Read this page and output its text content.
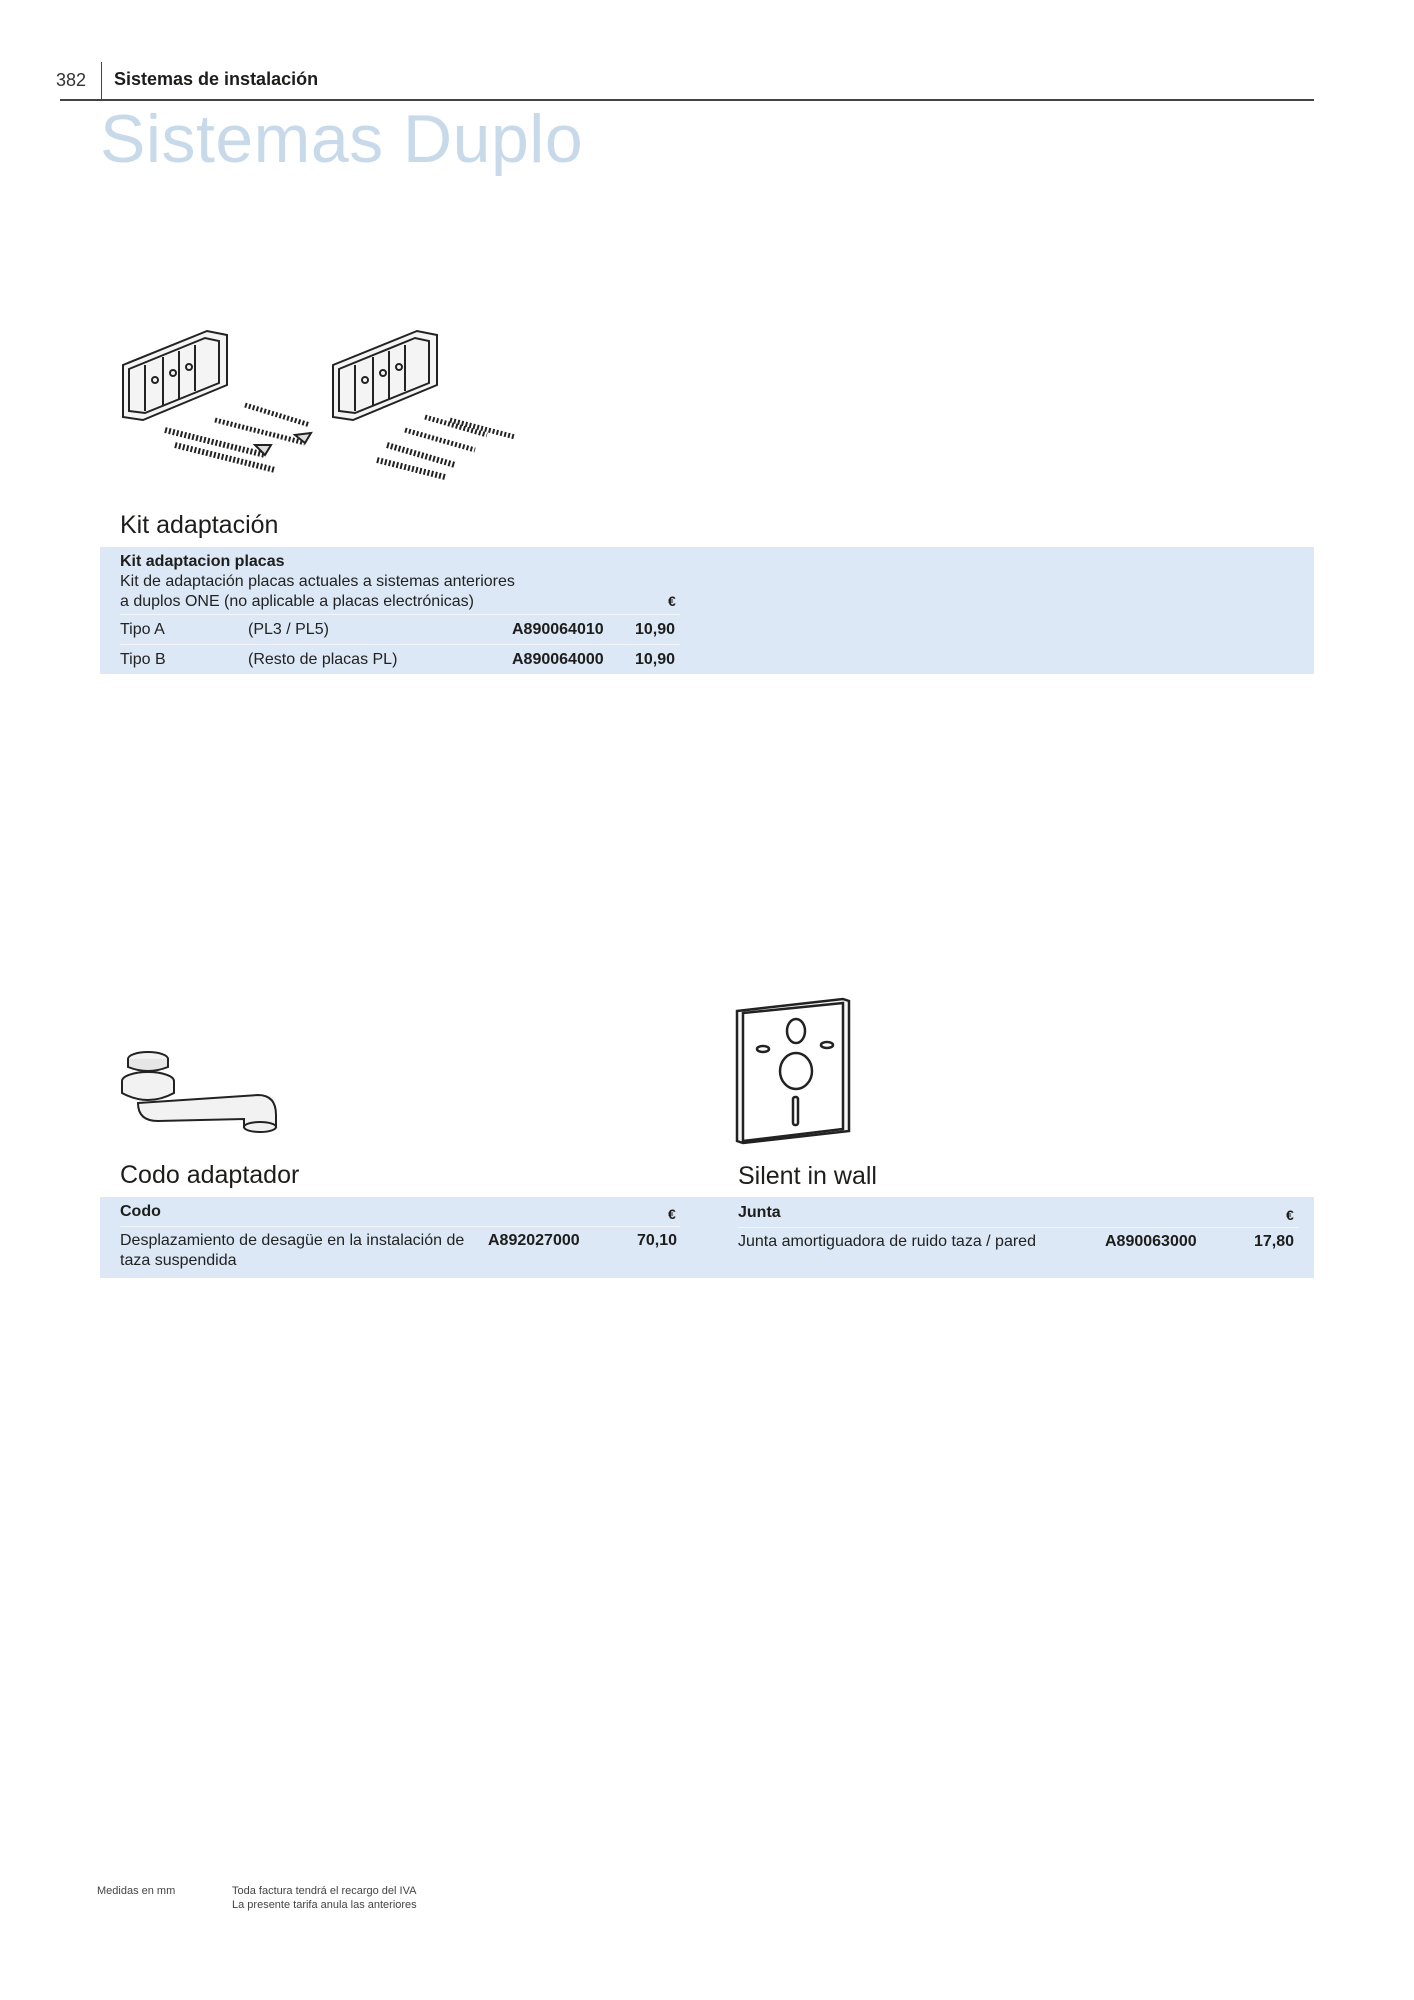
382 Sistemas de instalación
Sistemas Duplo
Kit adaptación
Kit adaptacion placas
Kit de adaptación placas actuales a sistemas anteriores
a duplos ONE (no aplicable a placas electrónicas)	€
Tipo A	(PL3 / PL5)	A890064010 10,90
Tipo B	(Resto de placas PL)	A890064000 10,90
Codo adaptador	Silent in wall
Codo	€
Desplazamiento de desagüe en la instalación de
taza suspendida
A892027000	70,10
Junta	€
Junta amortiguadora de ruido taza / pared	A890063000	17,80
Medidas en mm	Toda factura tendrá el recargo del IVA
La presente tarifa anula las anteriores
